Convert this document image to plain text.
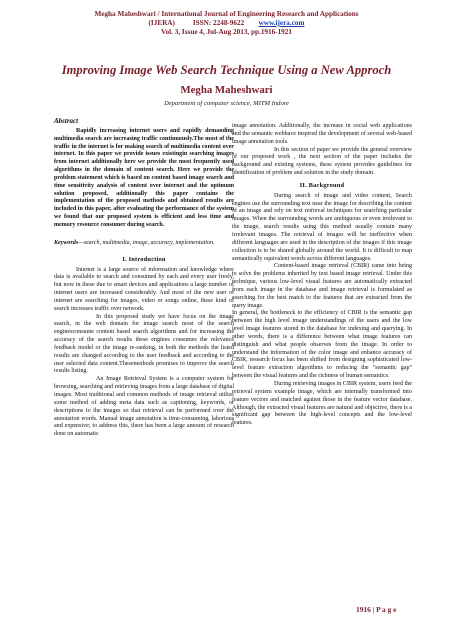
Megha Maheshwari / International Journal of Engineering Research and Applications
(IJERA) ISSN: 2248-9622 www.ijera.com
Vol. 3, Issue 4, Jul-Aug 2013, pp.1916-1921
Improving Image Web Search Technique Using a New Approch
Megha Maheshwari
Department of computer science, MITM Indore
Abstract

Rapidly increasing internet users and rapidly demanding multimedia search are increasing traffic continuously.The most of the traffic in the internet is for making search of multimedia content over internet. In this paper we provide issues existingin searching images from internet additionally here we provide the most frequently used algorithms in the domain of content search. Here we provide the problem statement which is based on content based image search and time sensitivity analysis of content over internet and the optimum solution proposed, additionally this paper contains the implementation of the proposed methods and obtained results are included in this paper, after evaluating the performance of the system we found that our proposed system is efficient and less time and memory resource consumer during search.

Keywords—search, multimedia, image, accuracy, implementation.
I. Introduction

Internet is a large source of information and knowledge where data is available to search and consumed by each and every user freely, but now in these due to smart devices and applications a large number of internet users are increased considerably. And most of the new user of internet are searching for images, video or songs online, these kind of search increases traffic over network.

In this proposed study we have focus on the image search, in the web domain for image search most of the search enginesconsume content based search algorithms and for increasing the accuracy of the search results these engines consumes the relevance feedback model or the image re-ranking, in both the methods the listed results are changed according to the user feedback and according to the user selected data content.Thesemethods promises to improve the search results listing.

An Image Retrieval System is a computer system for browsing, searching and retrieving images from a large database of digital images. Most traditional and common methods of image retrieval utilize some method of adding meta data such as captioning, keywords, or descriptions to the images so that retrieval can be performed over the annotation words. Manual image annotation is time-consuming, laborious and expensive; to address this, there has been a large amount of research done on automatic

image annotation. Additionally, the increase in social web applications and the semantic webhave inspired the development of several web-based image annotation tools.

In this section of paper we provide the general overview of our proposed work , the next section of the paper includes the background and existing systems, these system provides guidelines for identification of problem and solution in the study domain.

II. Background

During search of image and video content, Search engines use the surrounding text near the image for describing the content of an image and rely on text retrieval techniques for searching particular images. When the surrounding words are ambiguous or even irrelevant to the image, search results using this method usually contain many irrelevant images. The retrieval of images will be ineffective when different languages are used in the description of the images if this image collection is to be shared globally around the world. It is difficult to map semantically equivalent words across different languages.

Content-based image retrieval (CBIR) came into being to solve the problems inherited by text based image retrieval. Under this technique, various low-level visual features are automatically extracted from each image in the database and image retrieval is formulated as searching for the best match to the features that are extracted from the query image.

In general, the bottleneck to the efficiency of CBIR is the semantic gap between the high level image understandings of the users and the low level image features stored in the database for indexing and querying. In other words, there is a difference between what image features can distinguish and what people observes from the image. In order to understand the information of the color image and enhance accuracy of CBIR, research focus has been shifted from designing sophisticated low-level feature extraction algorithms to reducing the "semantic gap" between the visual features and the richness of human semantics.

During retrieving images in CBIR system, users feed the retrieval system example image, which are internally transformed into feature vectors and matched against those in the feature vector database. Although, the extracted visual features are natural and objective, there is a significant gap between the high-level concepts and the low-level features.

1916 | P a g e
